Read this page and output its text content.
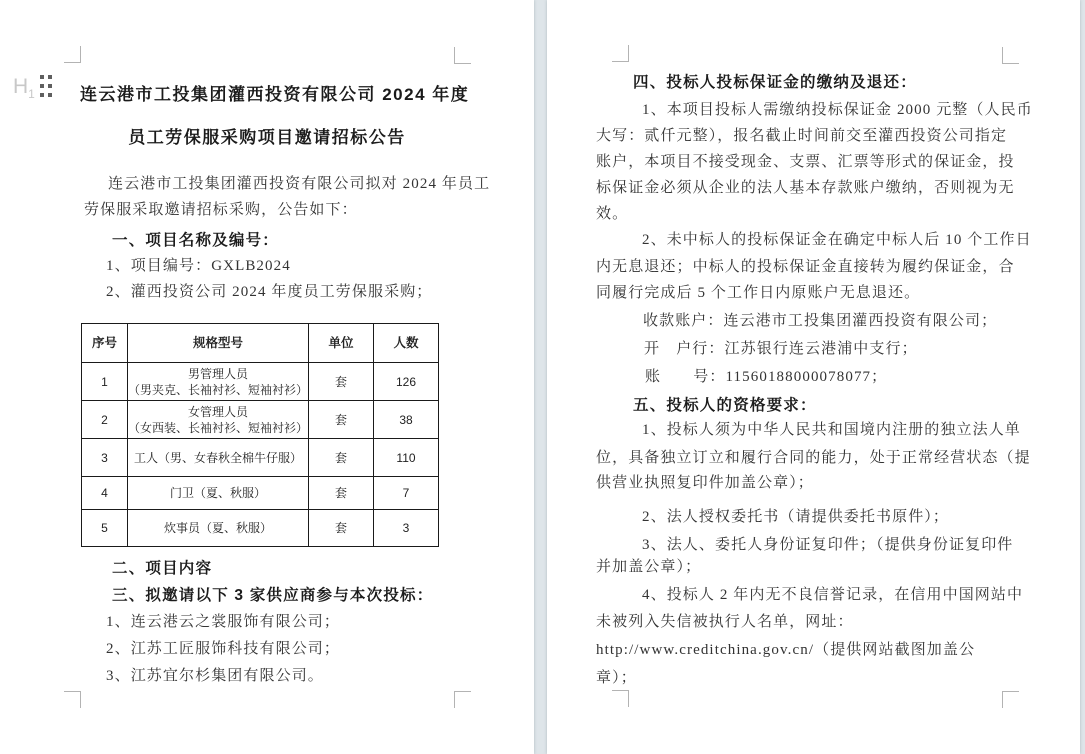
$H_1$	连云港市工投集团灌西投资有限公司 2024 年度
员工劳保服采购项目邀请招标公告
连云港市工投集团灌西投资有限公司拟对 2024 年员工
劳保服采取邀请招标采购，公告如下：
一、项目名称及编号：
1、项目编号：GXLB2024
2、灌西投资公司 2024 年度员工劳保服采购；
序号	规格型号	单位	人数
1	男管理人员
（男夹克、长袖衬衫、短袖衬衫）	套	126
2	女管理人员
（女西装、长袖衬衫、短袖衬衫）	套	38
3	工人（男、女春秋全棉牛仔服）	套	110
4	门卫（夏、秋服）	套	7
5	炊事员（夏、秋服）	套	3
二、项目内容
三、拟邀请以下 3 家供应商参与本次投标：
1、连云港云之裳服饰有限公司；
2、江苏工匠服饰科技有限公司；
3、江苏宜尔杉集团有限公司。
四、投标人投标保证金的缴纳及退还：
1、本项目投标人需缴纳投标保证金 2000 元整（人民币
大写：贰仟元整），报名截止时间前交至灌西投资公司指定
账户，本项目不接受现金、支票、汇票等形式的保证金，投
标保证金必须从企业的法人基本存款账户缴纳，否则视为无
效。
2、未中标人的投标保证金在确定中标人后 10 个工作日
内无息退还；中标人的投标保证金直接转为履约保证金，合
同履行完成后 5 个工作日内原账户无息退还。
收款账户：连云港市工投集团灌西投资有限公司；
开　户行：江苏银行连云港浦中支行；
账　　号：11560188000078077；
五、投标人的资格要求：
1、投标人须为中华人民共和国境内注册的独立法人单
位，具备独立订立和履行合同的能力，处于正常经营状态（提
供营业执照复印件加盖公章）；
2、法人授权委托书（请提供委托书原件）；
3、法人、委托人身份证复印件；（提供身份证复印件
并加盖公章）；
4、投标人 2 年内无不良信誉记录，在信用中国网站中
未被列入失信被执行人名单，网址：
http://www.creditchina.gov.cn/（提供网站截图加盖公
章）；
